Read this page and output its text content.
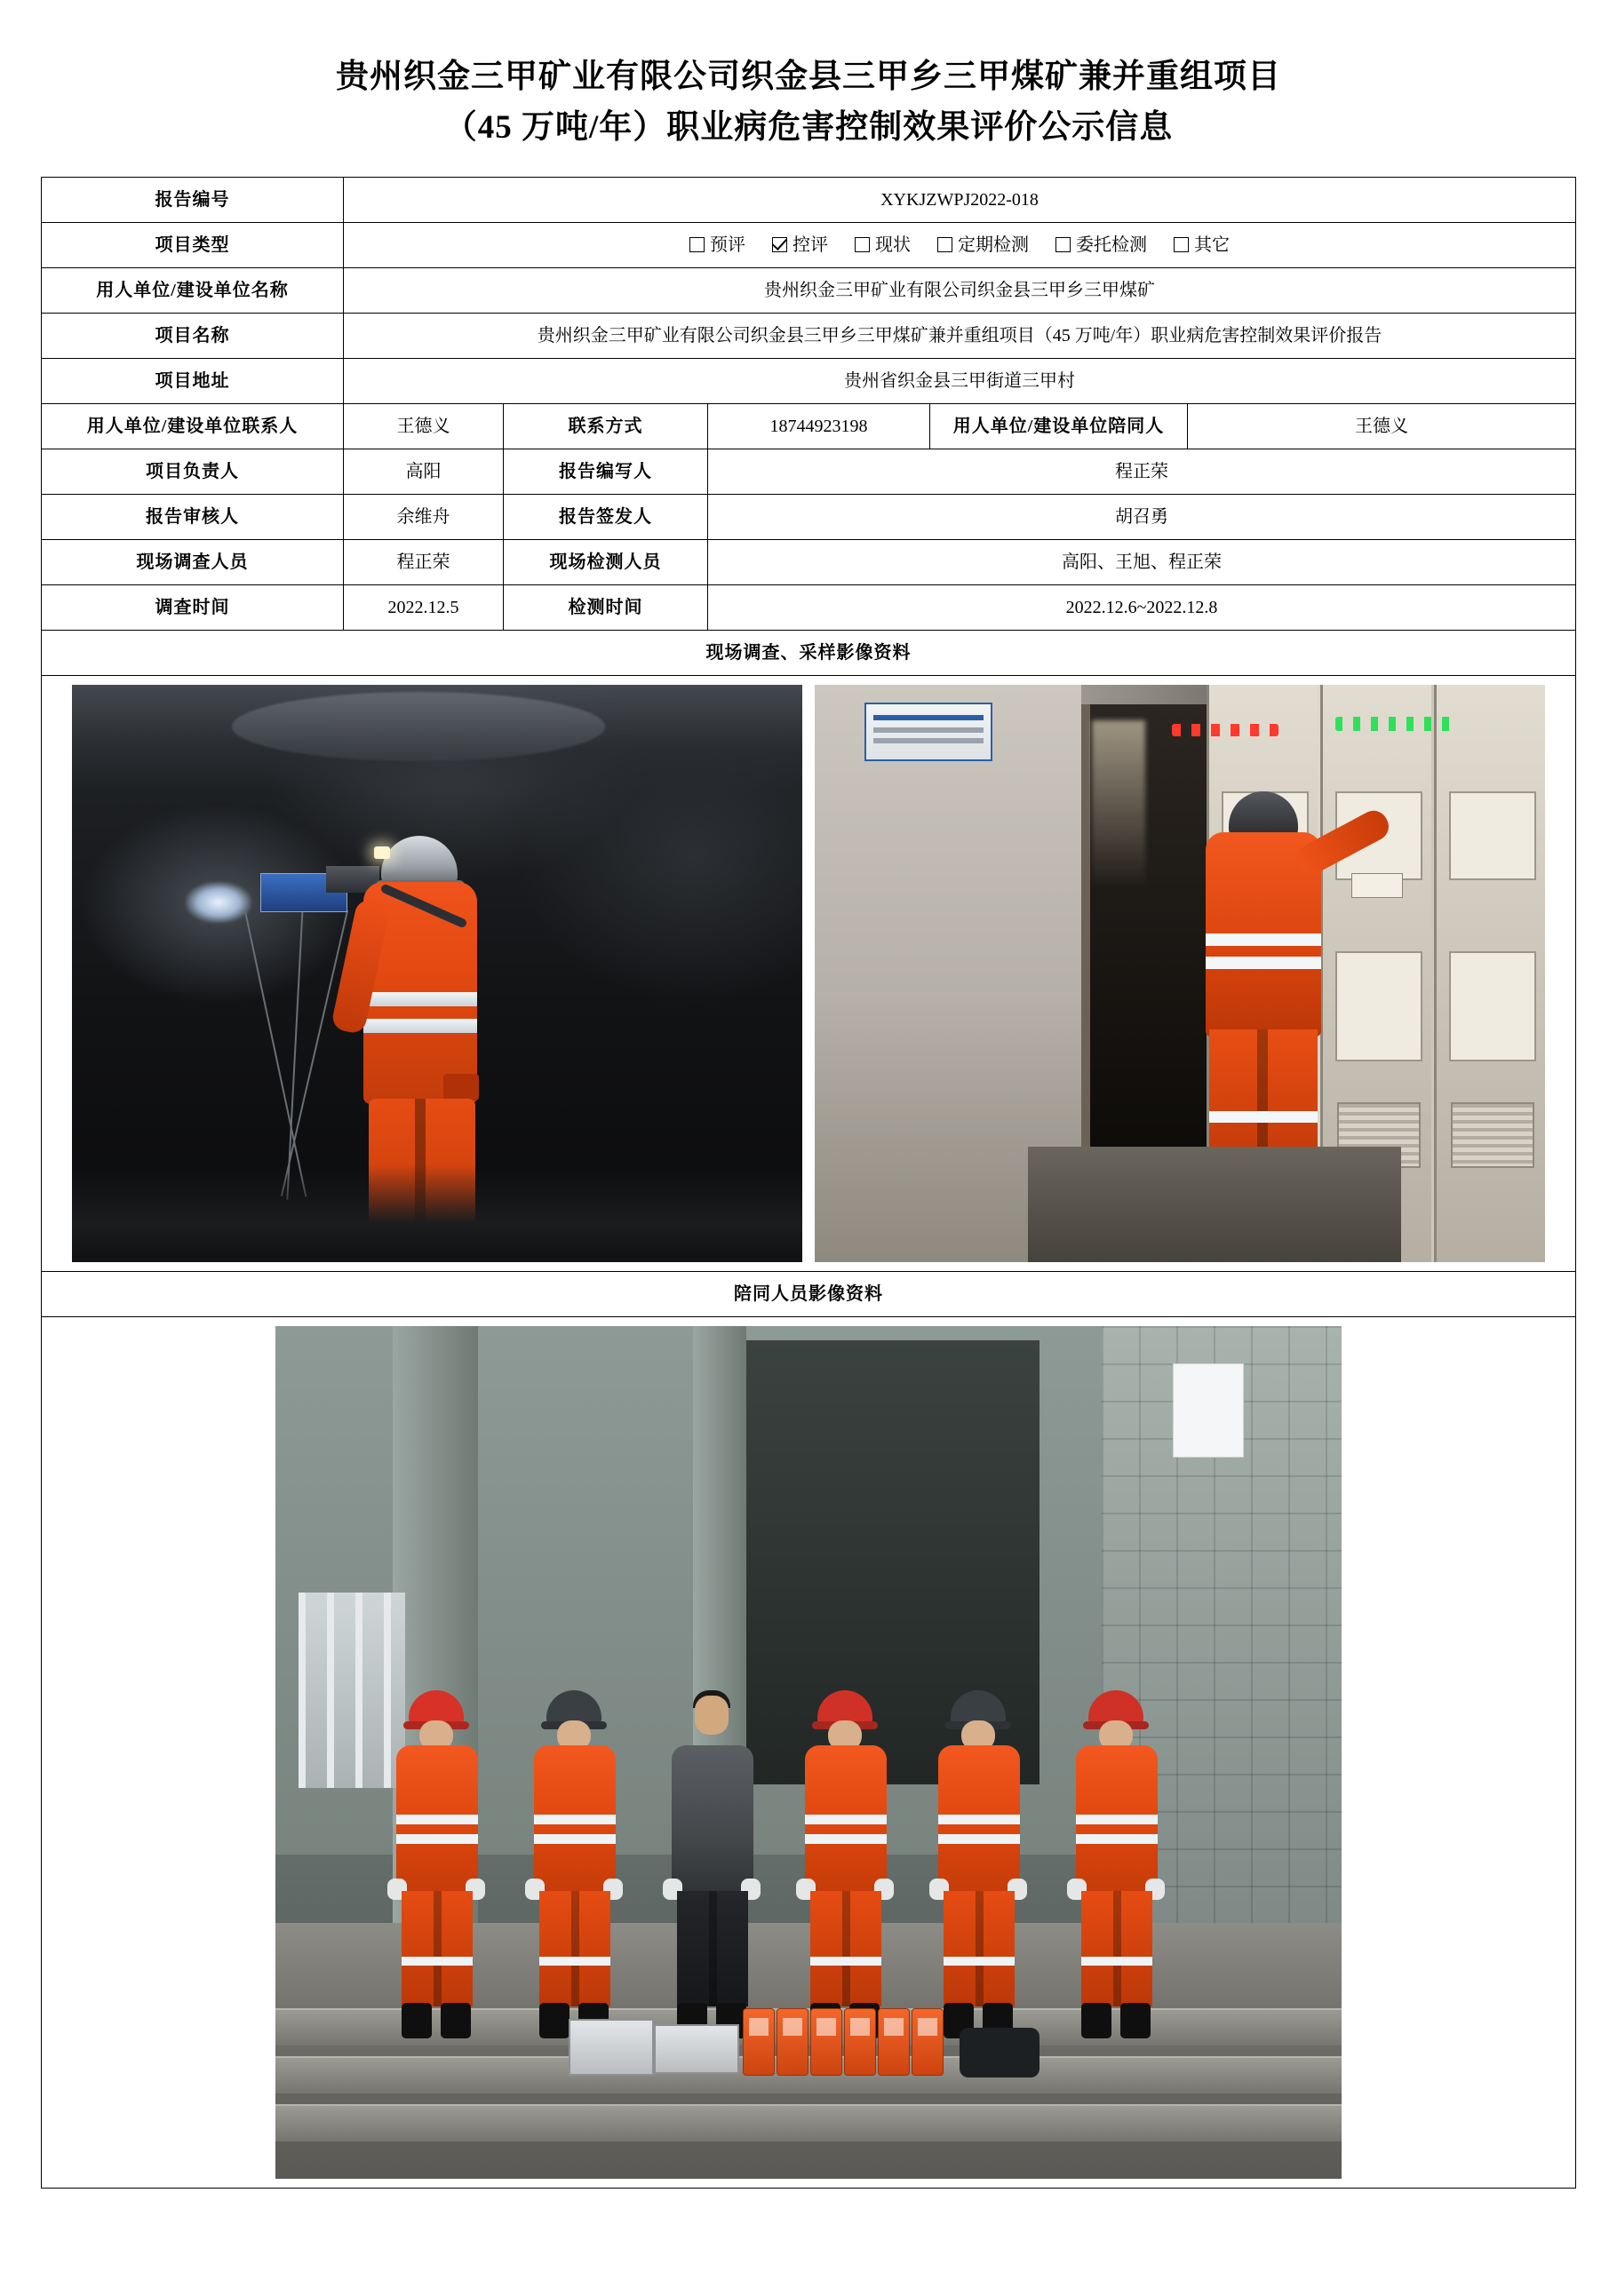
贵州织金三甲矿业有限公司织金县三甲乡三甲煤矿兼并重组项目
（45 万吨/年）职业病危害控制效果评价公示信息
报告编号	XYKJZWPJ2022-018				
项目类型	预评	控评	现状	定期检测	委托检测	其它

用人单位/建设单位名称	贵州织金三甲矿业有限公司织金县三甲乡三甲煤矿				
项目名称	贵州织金三甲矿业有限公司织金县三甲乡三甲煤矿兼并重组项目（45 万吨/年）职业病危害控制效果评价报告				
项目地址	贵州省织金县三甲街道三甲村				
用人单位/建设单位联系人	王德义	联系方式	18744923198	用人单位/建设单位陪同人	王德义
项目负责人	高阳	报告编写人	程正荣		
报告审核人	余维舟	报告签发人	胡召勇		
现场调查人员	程正荣	现场检测人员	高阳、王旭、程正荣		
调查时间	2022.12.5	检测时间	2022.12.6~2022.12.8		
现场调查、采样影像资料					

陪同人员影像资料					
